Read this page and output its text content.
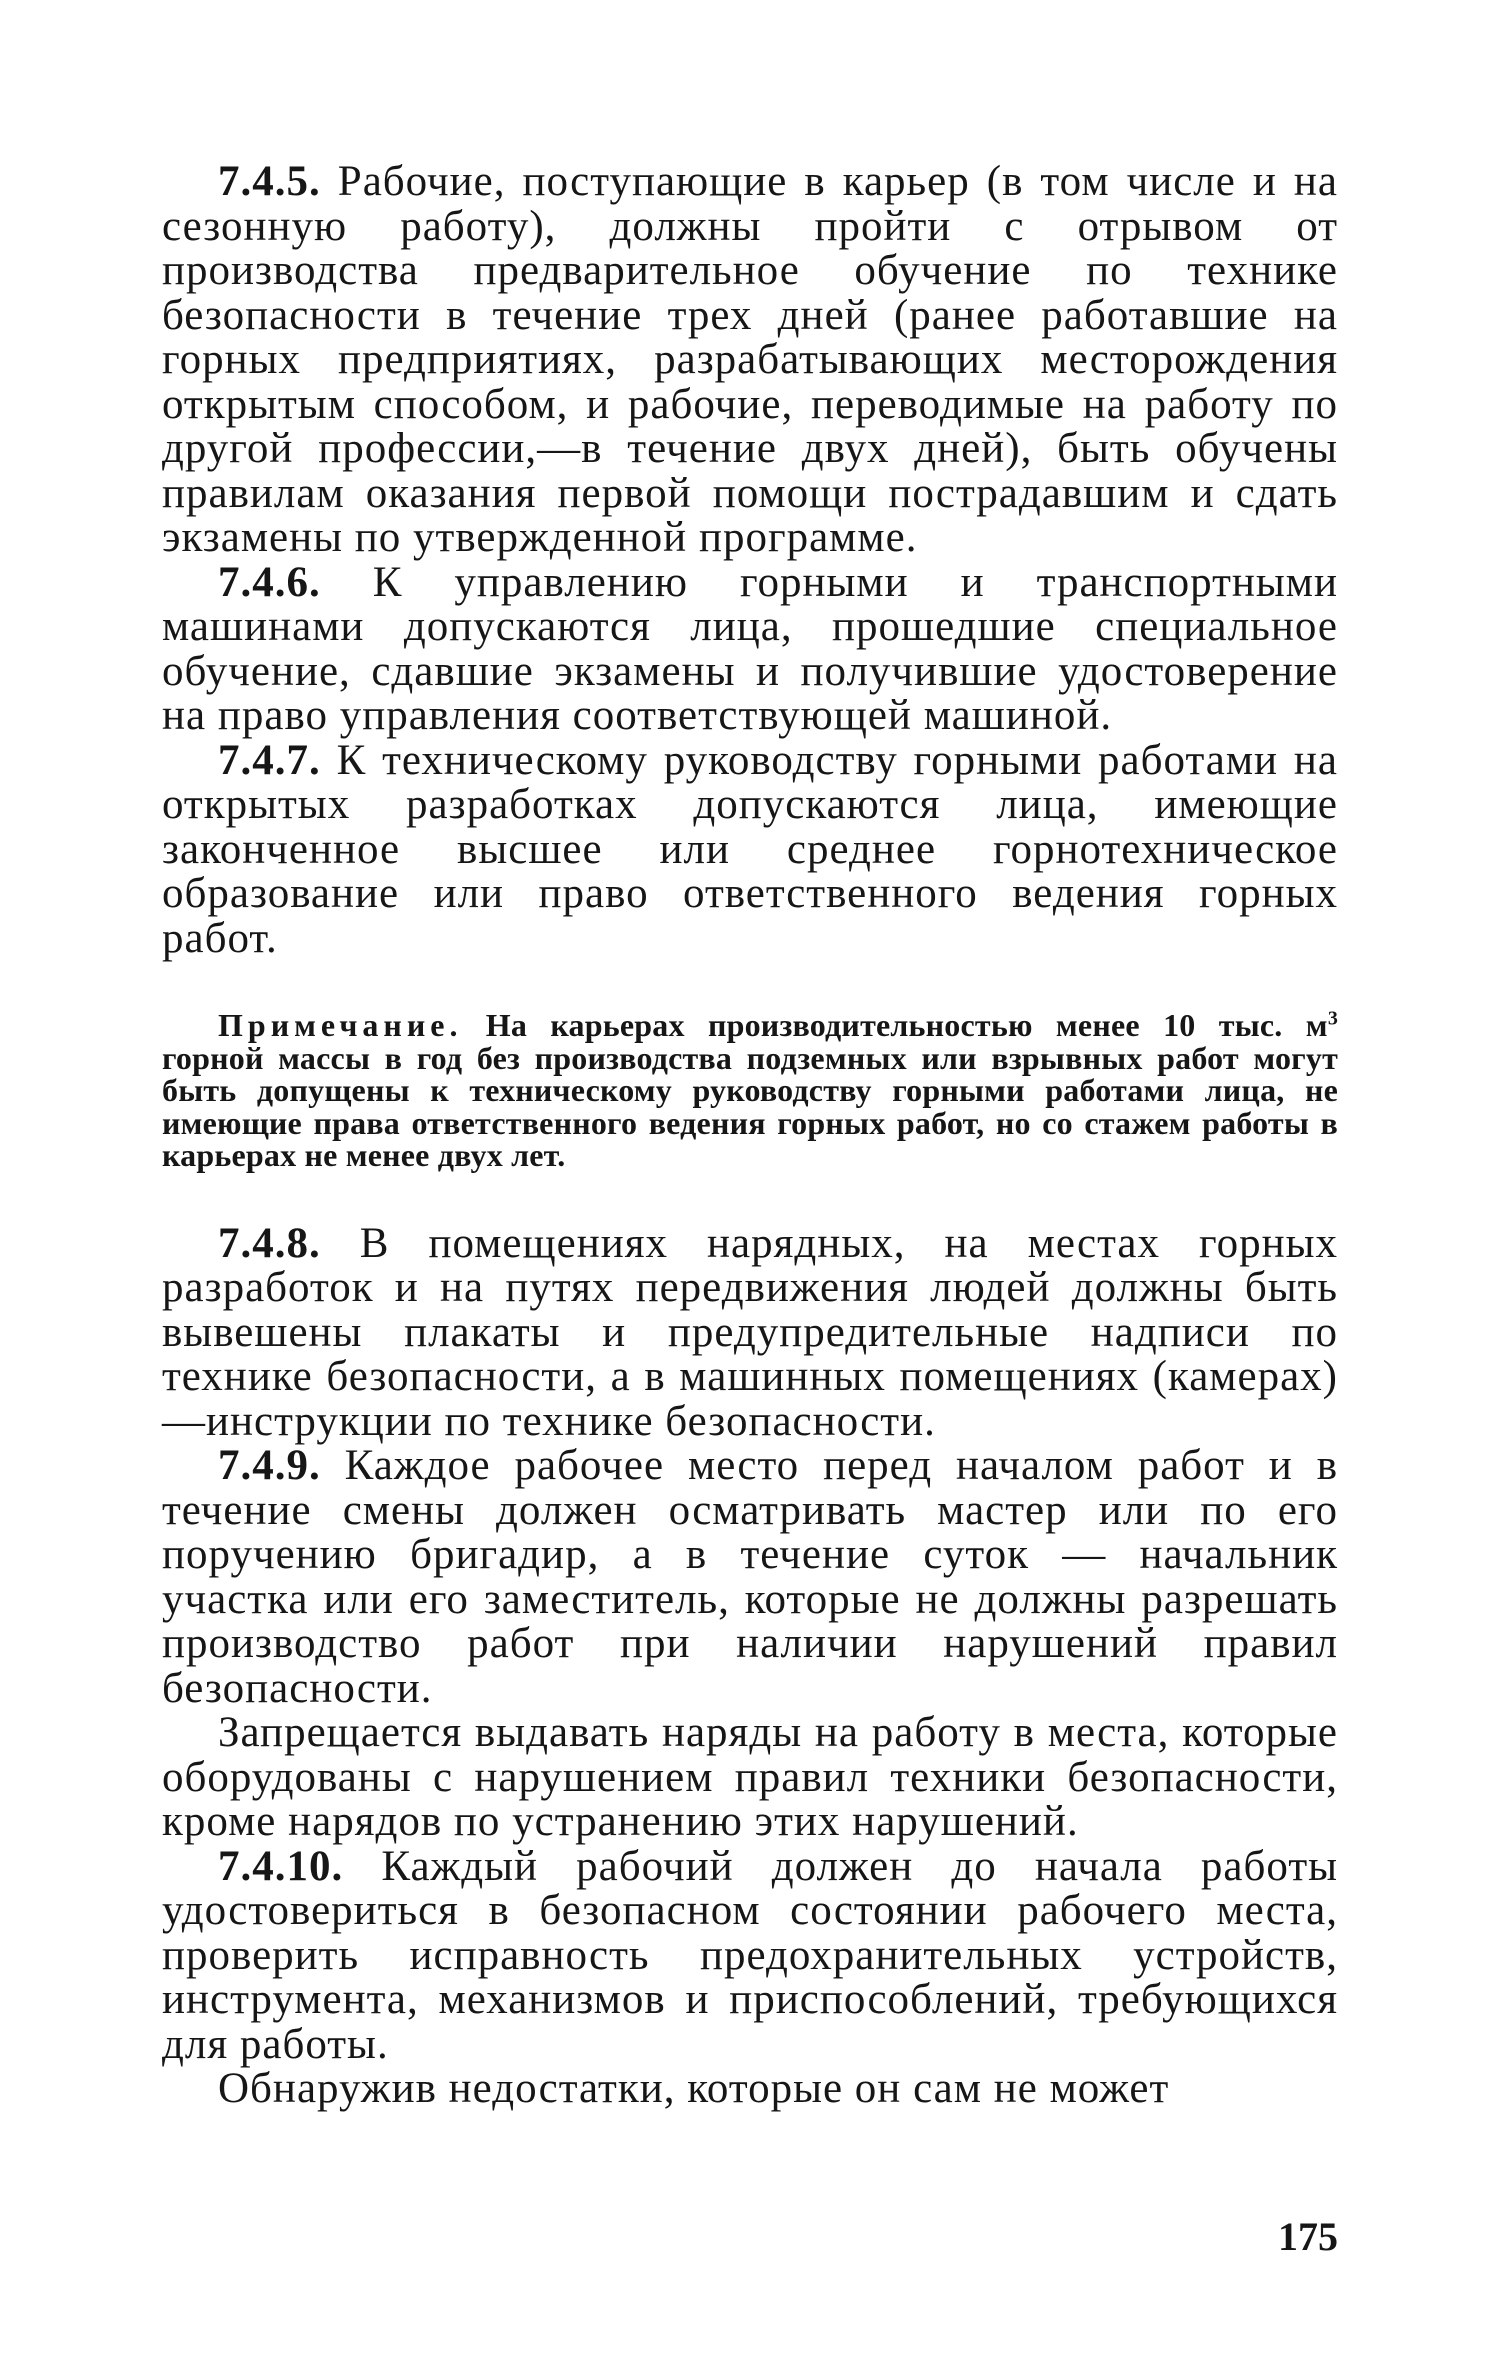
7.4.5. Рабочие, поступающие в карьер (в том числе и на сезонную работу), должны пройти с отрывом от производства предварительное обучение по технике безопасности в течение трех дней (ранее работавшие на горных предприятиях, разрабатывающих месторождения открытым способом, и рабочие, переводимые на работу по другой профессии,—в течение двух дней), быть обучены правилам оказания первой помощи пострадавшим и сдать экзамены по утвержденной программе.

7.4.6. К управлению горными и транспортными машинами допускаются лица, прошедшие специальное обучение, сдавшие экзамены и получившие удостоверение на право управления соответствующей машиной.

7.4.7. К техническому руководству горными работами на открытых разработках допускаются лица, имеющие законченное высшее или среднее горнотехническое образование или право ответственного ведения горных работ.

Примечание. На карьерах производительностью менее 10 тыс. $м^3$ горной массы в год без производства подземных или взрывных работ могут быть допущены к техническому руководству горными работами лица, не имеющие права ответственного ведения горных работ, но со стажем работы в карьерах не менее двух лет.

7.4.8. В помещениях нарядных, на местах горных разработок и на путях передвижения людей должны быть вывешены плакаты и предупредительные надписи по технике безопасности, а в машинных помещениях (камерах)—инструкции по технике безопасности.

7.4.9. Каждое рабочее место перед началом работ и в течение смены должен осматривать мастер или по его поручению бригадир, а в течение суток — начальник участка или его заместитель, которые не должны разрешать производство работ при наличии нарушений правил безопасности.

Запрещается выдавать наряды на работу в места, которые оборудованы с нарушением правил техники безопасности, кроме нарядов по устранению этих нарушений.

7.4.10. Каждый рабочий должен до начала работы удостовериться в безопасном состоянии рабочего места, проверить исправность предохранительных устройств, инструмента, механизмов и приспособлений, требующихся для работы.

Обнаружив недостатки, которые он сам не может

175
